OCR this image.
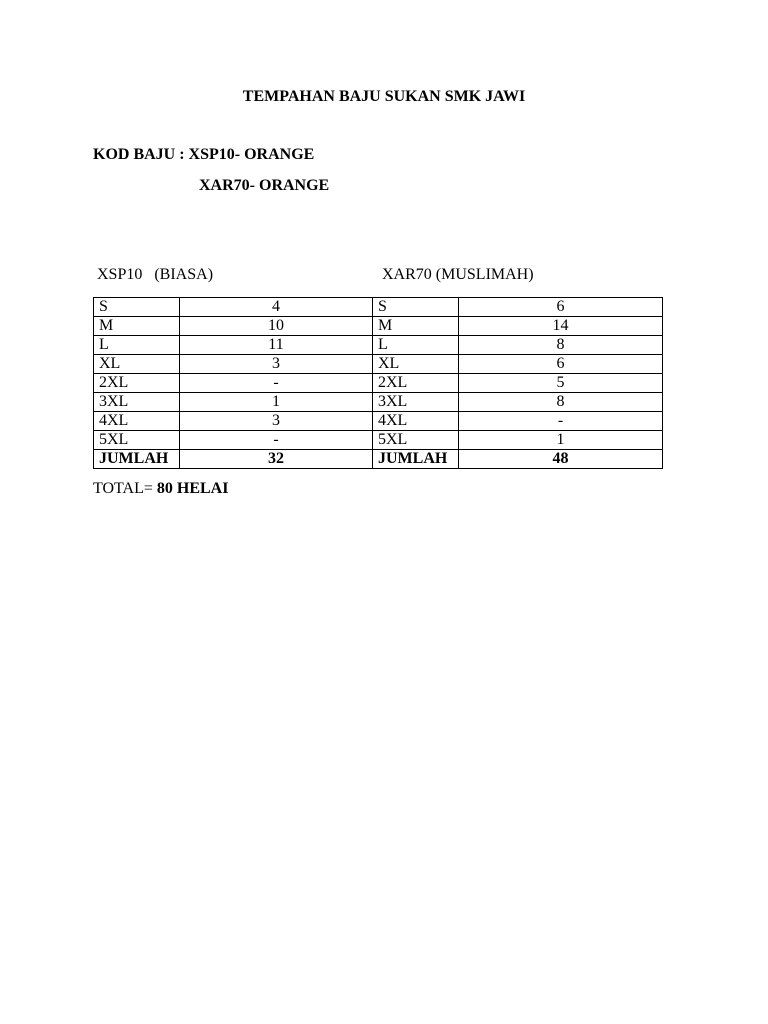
TEMPAHAN BAJU SUKAN SMK JAWI
KOD BAJU : XSP10- ORANGE
XAR70- ORANGE
XSP10   (BIASA)	XAR70 (MUSLIMAH)
S	4	S	6
M	10	M	14
L	11	L	8
XL	3	XL	6
2XL	-	2XL	5
3XL	1	3XL	8
4XL	3	4XL	-
5XL	-	5XL	1
JUMLAH	32	JUMLAH	48
TOTAL= 80 HELAI
